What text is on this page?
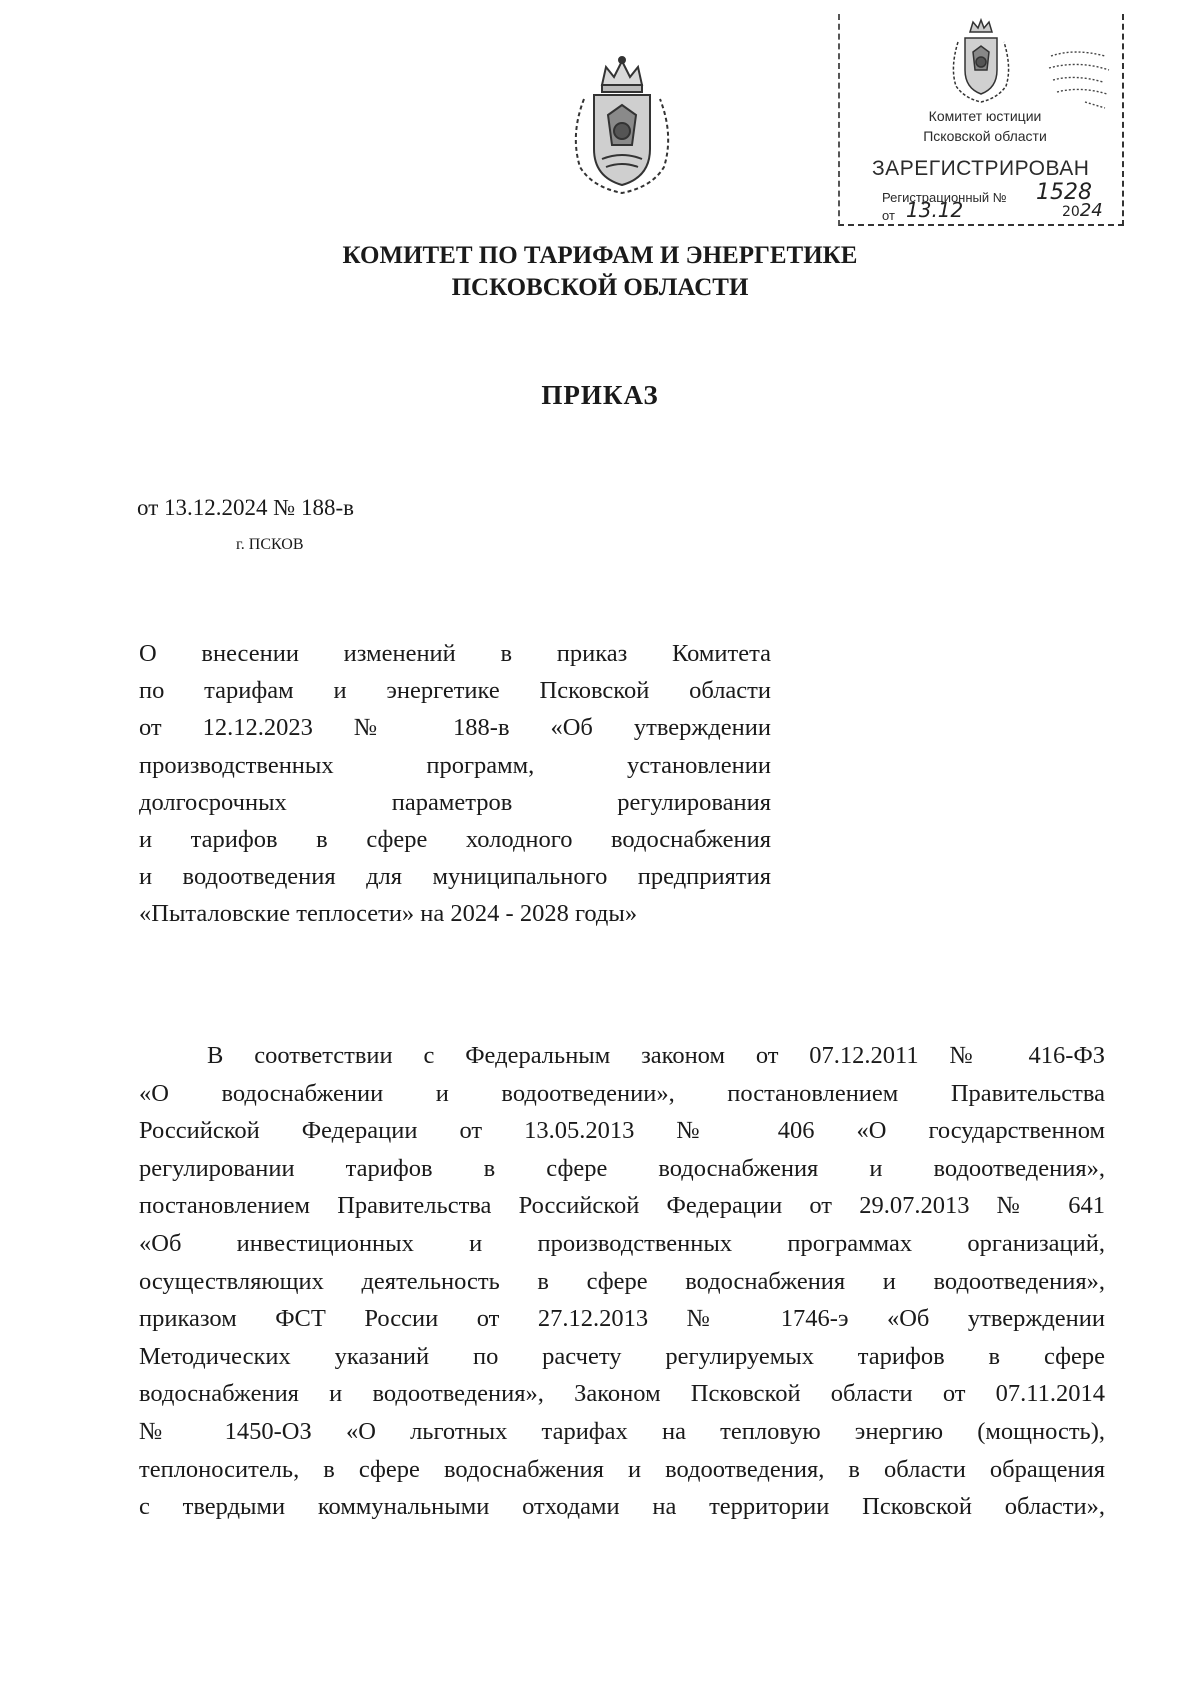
Комитет юстиции
Псковской области
ЗАРЕГИСТРИРОВАН
Регистрационный №
от
1528
13.12	2024
КОМИТЕТ ПО ТАРИФАМ И ЭНЕРГЕТИКЕ
ПСКОВСКОЙ ОБЛАСТИ
ПРИКАЗ
от 13.12.2024 № 188-в
г. ПСКОВ
О внесении изменений в приказ Комитета
по тарифам и энергетике Псковской области
от 12.12.2023 № 188-в «Об утверждении
производственных программ, установлении
долгосрочных параметров регулирования
и тарифов в сфере холодного водоснабжения
и водоотведения для муниципального предприятия
«Пыталовские теплосети» на 2024 - 2028 годы»
В соответствии с Федеральным законом от 07.12.2011 № 416-ФЗ
«О водоснабжении и водоотведении», постановлением Правительства
Российской Федерации от 13.05.2013 № 406 «О государственном
регулировании тарифов в сфере водоснабжения и водоотведения»,
постановлением Правительства Российской Федерации от 29.07.2013 № 641
«Об инвестиционных и производственных программах организаций,
осуществляющих деятельность в сфере водоснабжения и водоотведения»,
приказом ФСТ России от 27.12.2013 № 1746-э «Об утверждении
Методических указаний по расчету регулируемых тарифов в сфере
водоснабжения и водоотведения», Законом Псковской области от 07.11.2014
№ 1450-ОЗ «О льготных тарифах на тепловую энергию (мощность),
теплоноситель, в сфере водоснабжения и водоотведения, в области обращения
с твердыми коммунальными отходами на территории Псковской области»,
